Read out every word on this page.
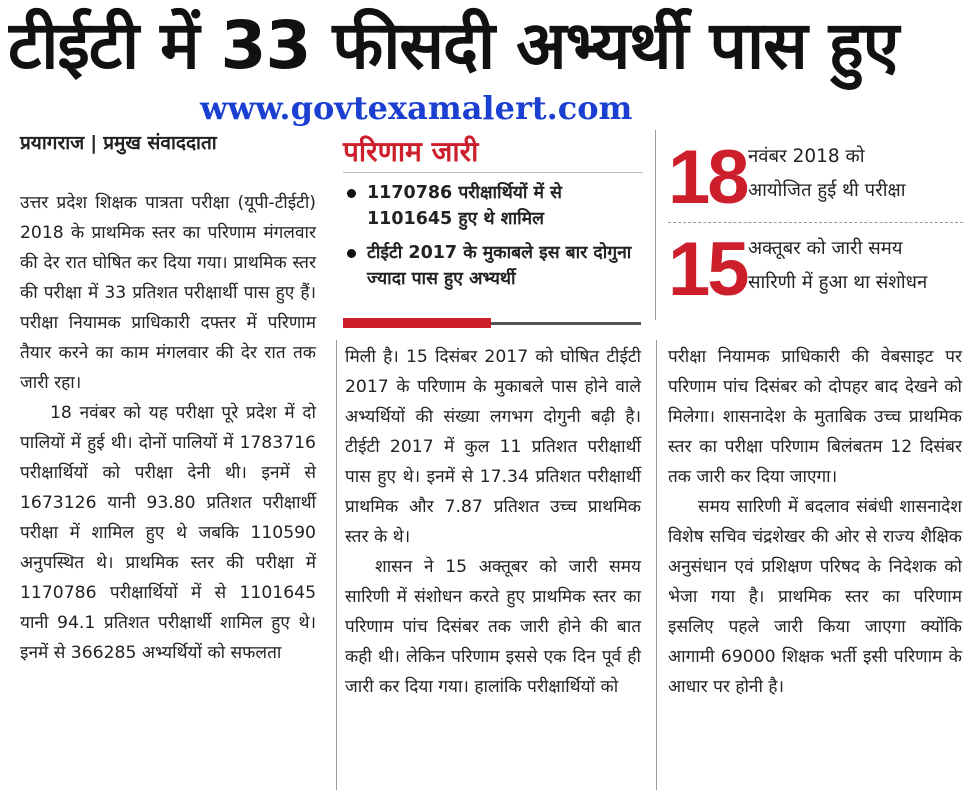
टीईटी में 33 फीसदी अभ्यर्थी पास हुए
www.govtexamalert.com
प्रयागराज | प्रमुख संवाददाता

उत्तर प्रदेश शिक्षक पात्रता परीक्षा (यूपी-टीईटी) 2018 के प्राथमिक स्तर का परिणाम मंगलवार की देर रात घोषित कर दिया गया। प्राथमिक स्तर की परीक्षा में 33 प्रतिशत परीक्षार्थी पास हुए हैं। परीक्षा नियामक प्राधिकारी दफ्तर में परिणाम तैयार करने का काम मंगलवार की देर रात तक जारी रहा।

18 नवंबर को यह परीक्षा पूरे प्रदेश में दो पालियों में हुई थी। दोनों पालियों में 1783716 परीक्षार्थियों को परीक्षा देनी थी। इनमें से 1673126 यानी 93.80 प्रतिशत परीक्षार्थी परीक्षा में शामिल हुए थे जबकि 110590 अनुपस्थित थे। प्राथमिक स्तर की परीक्षा में 1170786 परीक्षार्थियों में से 1101645 यानी 94.1 प्रतिशत परीक्षार्थी शामिल हुए थे। इनमें से 366285 अभ्यर्थियों को सफलता

परिणाम जारी
1170786 परीक्षार्थियों में से 1101645 हुए थे शामिल
टीईटी 2017 के मुकाबले इस बार दोगुना ज्यादा पास हुए अभ्यर्थी
18 नवंबर 2018 को
आयोजित हुई थी परीक्षा
15 अक्तूबर को जारी समय
सारिणी में हुआ था संशोधन

मिली है। 15 दिसंबर 2017 को घोषित टीईटी 2017 के परिणाम के मुकाबले पास होने वाले अभ्यर्थियों की संख्या लगभग दोगुनी बढ़ी है। टीईटी 2017 में कुल 11 प्रतिशत परीक्षार्थी पास हुए थे। इनमें से 17.34 प्रतिशत परीक्षार्थी प्राथमिक और 7.87 प्रतिशत उच्च प्राथमिक स्तर के थे।

शासन ने 15 अक्तूबर को जारी समय सारिणी में संशोधन करते हुए प्राथमिक स्तर का परिणाम पांच दिसंबर तक जारी होने की बात कही थी। लेकिन परिणाम इससे एक दिन पूर्व ही जारी कर दिया गया। हालांकि परीक्षार्थियों को

परीक्षा नियामक प्राधिकारी की वेबसाइट पर परिणाम पांच दिसंबर को दोपहर बाद देखने को मिलेगा। शासनादेश के मुताबिक उच्च प्राथमिक स्तर का परीक्षा परिणाम बिलंबतम 12 दिसंबर तक जारी कर दिया जाएगा।

समय सारिणी में बदलाव संबंधी शासनादेश विशेष सचिव चंद्रशेखर की ओर से राज्य शैक्षिक अनुसंधान एवं प्रशिक्षण परिषद के निदेशक को भेजा गया है। प्राथमिक स्तर का परिणाम इसलिए पहले जारी किया जाएगा क्योंकि आगामी 69000 शिक्षक भर्ती इसी परिणाम के आधार पर होनी है।
